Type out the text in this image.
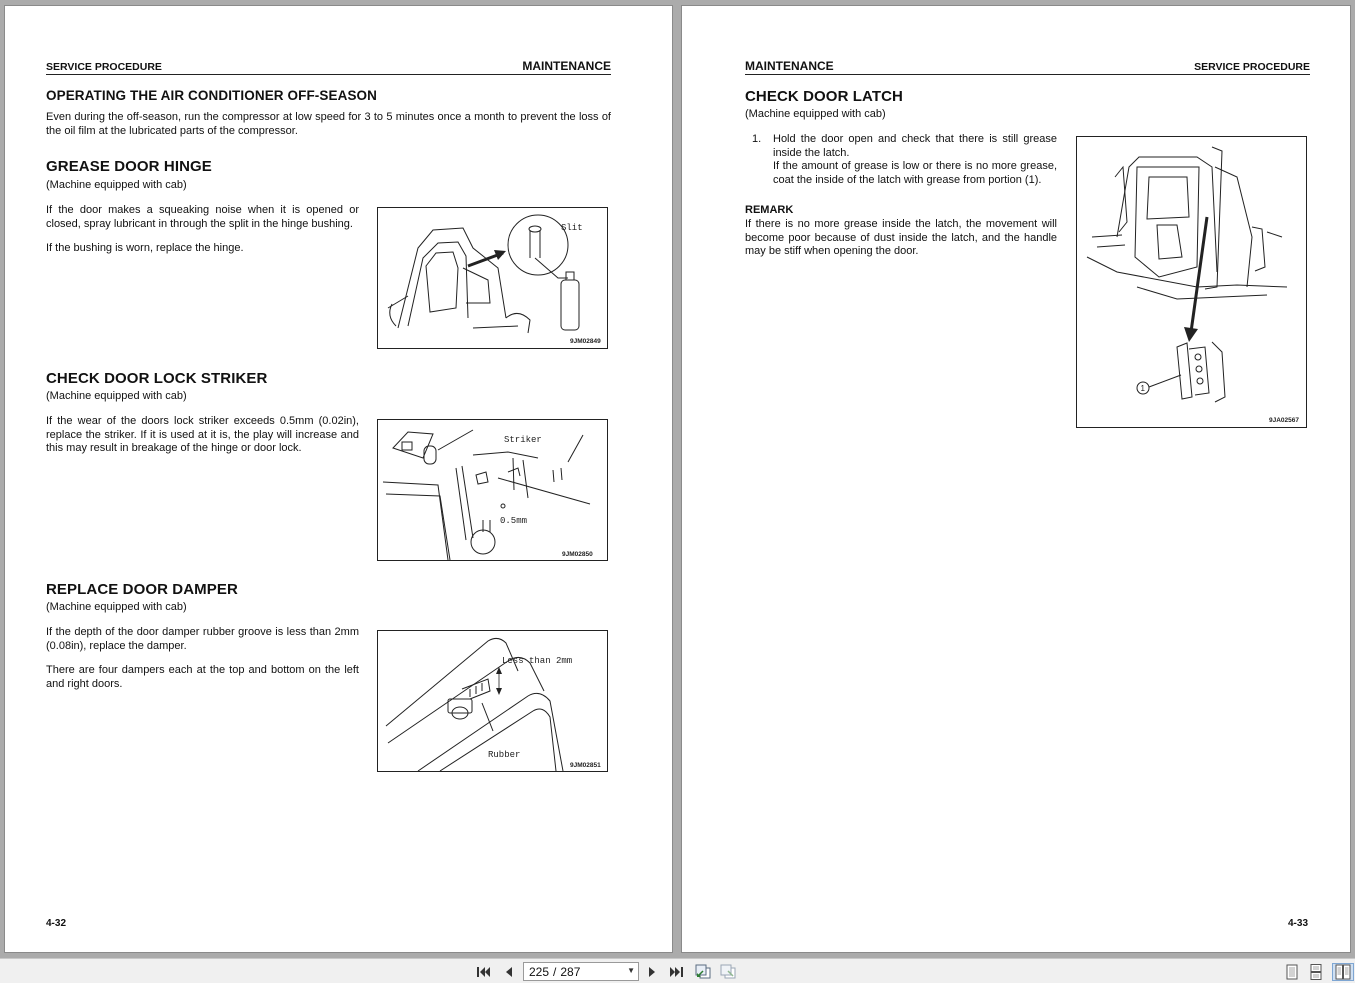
SERVICE PROCEDURE	MAINTENANCE
OPERATING THE AIR CONDITIONER OFF-SEASON
Even during the off-season, run the compressor at low speed for 3 to 5 minutes once a month to prevent the loss of the oil film at the lubricated parts of the compressor.
GREASE DOOR HINGE
(Machine equipped with cab)
If the door makes a squeaking noise when it is opened or closed, spray lubricant in through the split in the hinge bushing.
If the bushing is worn, replace the hinge.
Slit
9JM02849
CHECK DOOR LOCK STRIKER
(Machine equipped with cab)
If the wear of the doors lock striker exceeds 0.5mm (0.02in), replace the striker. If it is used at it is, the play will increase and this may result in breakage of the hinge or door lock.
Striker
0.5mm
9JM02850
REPLACE DOOR DAMPER
(Machine equipped with cab)
If the depth of the door damper rubber groove is less than 2mm (0.08in), replace the damper.
There are four dampers each at the top and bottom on the left and right doors.
Less than 2mm
Rubber
9JM02851
4-32
MAINTENANCE	SERVICE PROCEDURE
CHECK DOOR LATCH
(Machine equipped with cab)
1. Hold the door open and check that there is still grease inside the latch.
If the amount of grease is low or there is no more grease, coat the inside of the latch with grease from portion (1).
REMARK
If there is no more grease inside the latch, the movement will become poor because of dust inside the latch, and the handle may be stiff when opening the door.
1
9JA02567
4-33
225 / 287	▼
